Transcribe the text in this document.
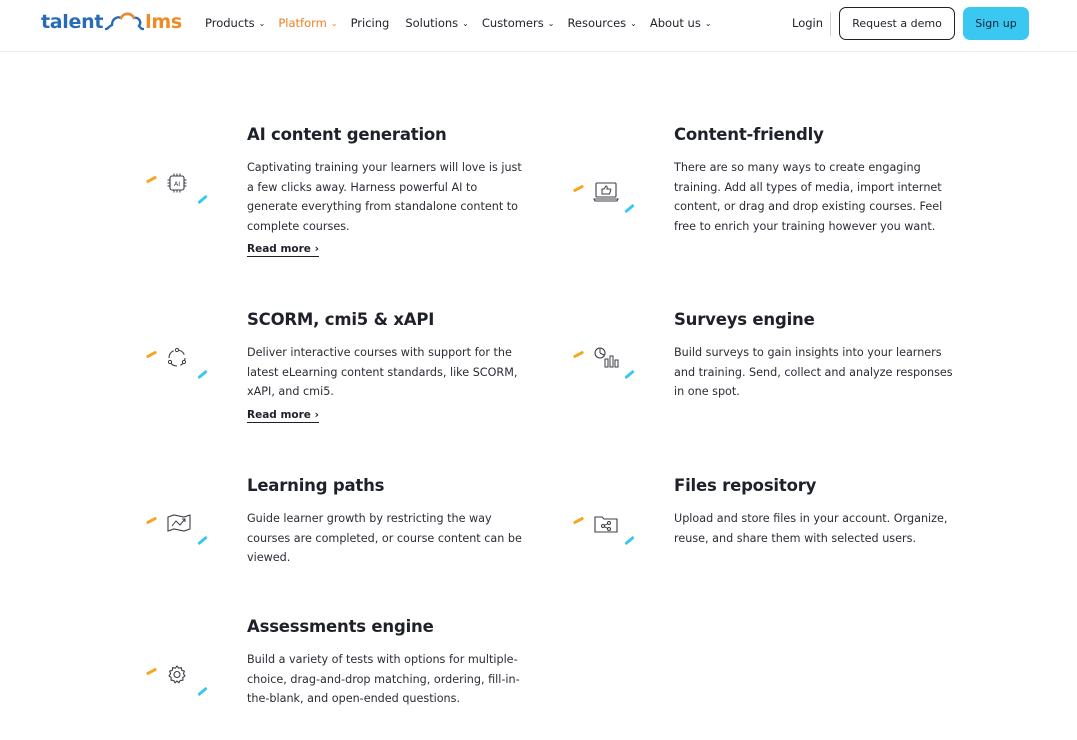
talent lms Products ⌄ Platform ⌄ Pricing Solutions ⌄ Customers ⌄ Resources ⌄ About us ⌄	Login	Request a demo	Sign up
AI
AI content generation
Captivating training your learners will love is just a few clicks away. Harness powerful AI to generate everything from standalone content to complete courses.
Read more ›
Content-friendly
There are so many ways to create engaging training. Add all types of media, import internet content, or drag and drop existing courses. Feel free to enrich your training however you want.
SCORM, cmi5 & xAPI
Deliver interactive courses with support for the latest eLearning content standards, like SCORM, xAPI, and cmi5.
Read more ›
Surveys engine
Build surveys to gain insights into your learners and training. Send, collect and analyze responses in one spot.
Learning paths
Guide learner growth by restricting the way courses are completed, or course content can be viewed.
Files repository
Upload and store files in your account. Organize, reuse, and share them with selected users.
Assessments engine
Build a variety of tests with options for multiple-choice, drag-and-drop matching, ordering, fill-in-the-blank, and open-ended questions.
